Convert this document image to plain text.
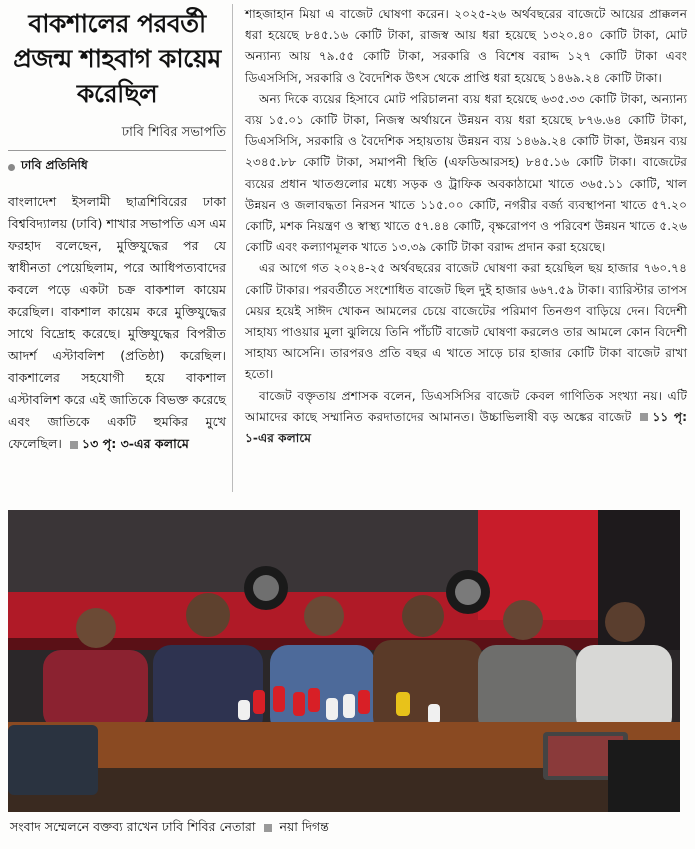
বাকশালের পরবর্তী প্রজন্ম শাহবাগ কায়েম করেছিল
ঢাবি শিবির সভাপতি
ঢাবি প্রতিনিধি
বাংলাদেশ ইসলামী ছাত্রশিবিরের ঢাকা বিশ্ববিদ্যালয় (ঢাবি) শাখার সভাপতি এস এম ফরহাদ বলেছেন, মুক্তিযুদ্ধের পর যে স্বাধীনতা পেয়েছিলাম, পরে আধিপত্যবাদের কবলে পড়ে একটা চক্র বাকশাল কায়েম করেছিল। বাকশাল কায়েম করে মুক্তিযুদ্ধের সাথে বিদ্রোহ করেছে। মুক্তিযুদ্ধের বিপরীত আদর্শ এস্টাবলিশ (প্রতিষ্ঠা) করেছিল। বাকশালের সহযোগী হয়ে বাকশাল এস্টাবলিশ করে এই জাতিকে বিভক্ত করেছে এবং জাতিকে একটি হুমকির মুখে ফেলেছিল। ১৩ পৃ: ৩-এর কলামে

শাহজাহান মিয়া এ বাজেট ঘোষণা করেন। ২০২৫-২৬ অর্থবছরের বাজেটে আয়ের প্রাক্কলন ধরা হয়েছে ৮৪৫.১৬ কোটি টাকা, রাজস্ব আয় ধরা হয়েছে ১৩২০.৪০ কোটি টাকা, মোট অন্যান্য আয় ৭৯.৫৫ কোটি টাকা, সরকারি ও বিশেষ বরাদ্দ ১২৭ কোটি টাকা এবং ডিএসসিসি, সরকারি ও বৈদেশিক উৎস থেকে প্রাপ্তি ধরা হয়েছে ১৪৬৯.২৪ কোটি টাকা।

অন্য দিকে ব্যয়ের হিসাবে মোট পরিচালনা ব্যয় ধরা হয়েছে ৬৩৫.৩৩ কোটি টাকা, অন্যান্য ব্যয় ১৫.০১ কোটি টাকা, নিজস্ব অর্থায়নে উন্নয়ন ব্যয় ধরা হয়েছে ৮৭৬.৬৪ কোটি টাকা, ডিএসসিসি, সরকারি ও বৈদেশিক সহায়তায় উন্নয়ন ব্যয় ১৪৬৯.২৪ কোটি টাকা, উন্নয়ন ব্যয় ২৩৪৫.৮৮ কোটি টাকা, সমাপনী স্থিতি (এফডিআরসহ) ৮৪৫.১৬ কোটি টাকা। বাজেটের ব্যয়ের প্রধান খাতগুলোর মধ্যে সড়ক ও ট্রাফিক অবকাঠামো খাতে ৩৬৫.১১ কোটি, খাল উন্নয়ন ও জলাবদ্ধতা নিরসন খাতে ১১৫.০০ কোটি, নগরীর বর্জ্য ব্যবস্থাপনা খাতে ৫৭.২০ কোটি, মশক নিয়ন্ত্রণ ও স্বাস্থ্য খাতে ৫৭.৪৪ কোটি, বৃক্ষরোপণ ও পরিবেশ উন্নয়ন খাতে ৫.২৬ কোটি এবং কল্যাণমূলক খাতে ১৩.৩৯ কোটি টাকা বরাদ্দ প্রদান করা হয়েছে।

এর আগে গত ২০২৪-২৫ অর্থবছরের বাজেট ঘোষণা করা হয়েছিল ছয় হাজার ৭৬০.৭৪ কোটি টাকার। পরবর্তীতে সংশোধিত বাজেট ছিল দুই হাজার ৬৬৭.৫৯ টাকা। ব্যারিস্টার তাপস মেয়র হয়েই সাঈদ খোকন আমলের চেয়ে বাজেটের পরিমাণ তিনগুণ বাড়িয়ে দেন। বিদেশী সাহায্য পাওয়ার মুলা ঝুলিয়ে তিনি পাঁচটি বাজেট ঘোষণা করলেও তার আমলে কোন বিদেশী সাহায্য আসেনি। তারপরও প্রতি বছর এ খাতে সাড়ে চার হাজার কোটি টাকা বাজেট রাখা হতো।

বাজেট বক্তৃতায় প্রশাসক বলেন, ডিএসসিসির বাজেট কেবল গাণিতিক সংখ্যা নয়। এটি আমাদের কাছে সম্মানিত করদাতাদের আমানত। উচ্চাভিলাষী বড় অঙ্কের বাজেট ১১ পৃ: ১-এর কলামে

সংবাদ সম্মেলনে বক্তব্য রাখেন ঢাবি শিবির নেতারা নয়া দিগন্ত
